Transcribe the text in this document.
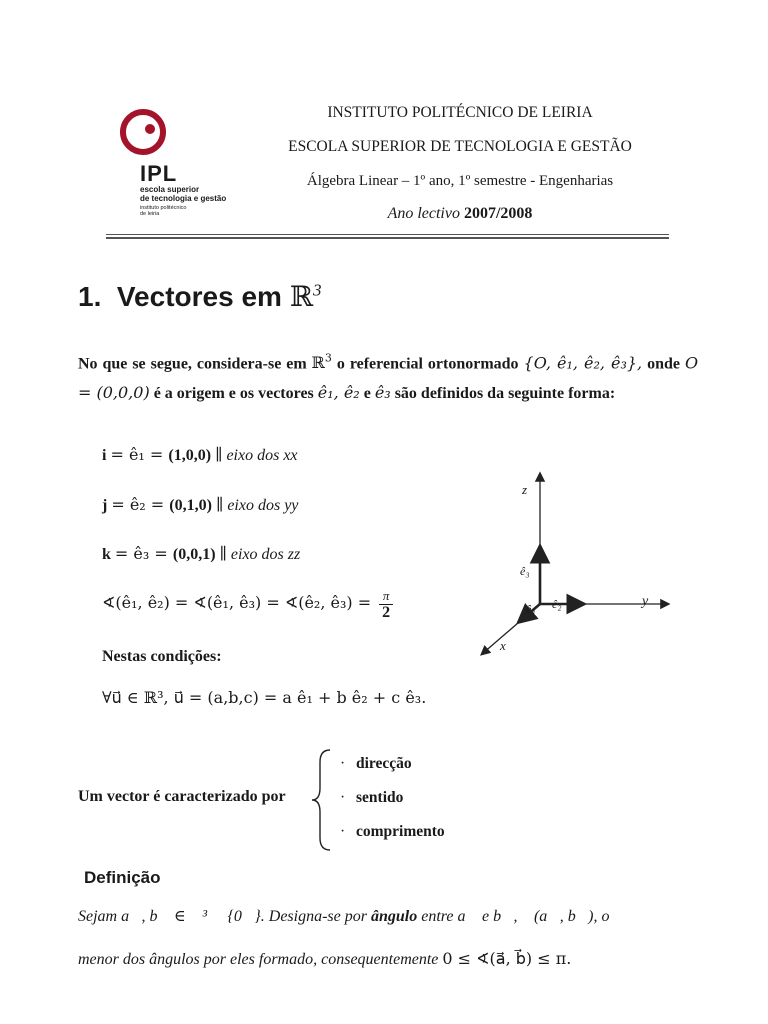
IPL
escola superior
de tecnologia e gestão
instituto politécnico
de leiria
INSTITUTO POLITÉCNICO DE LEIRIA
ESCOLA SUPERIOR DE TECNOLOGIA E GESTÃO
Álgebra Linear – 1º ano, 1º semestre - Engenharias
Ano lectivo 2007/2008
1. Vectores em ℝ$^3$
No que se segue, considera-se em ℝ$^3$ o referencial ortonormado {O, ê₁, ê₂, ê₃}, onde O = (0,0,0) é a origem e os vectores ê₁, ê₂ e ê₃ são definidos da seguinte forma:
i = ê₁ = (1,0,0) ∥ eixo dos xx
j = ê₂ = (0,1,0) ∥ eixo dos yy
k = ê₃ = (0,0,1) ∥ eixo dos zz
∢(ê₁, ê₂) = ∢(ê₁, ê₃) = ∢(ê₂, ê₃) = $\frac{\pi}{2}$
z
y
x
ê₃
ê₂
ê₁
Nestas condições:
∀u⃗ ∈ ℝ³, u⃗ = (a,b,c) = a ê₁ + b ê₂ + c ê₃.
Um vector é caracterizado por
· direcção
· sentido
· comprimento
Definição
Sejam a⃗, b⃗ ∈ ℝ³ ∖ {0⃗}. Designa-se por ângulo entre a⃗ e b⃗, ∢(a⃗, b⃗), o
menor dos ângulos por eles formado, consequentemente 0 ≤ ∢(a⃗, b⃗) ≤ π.
